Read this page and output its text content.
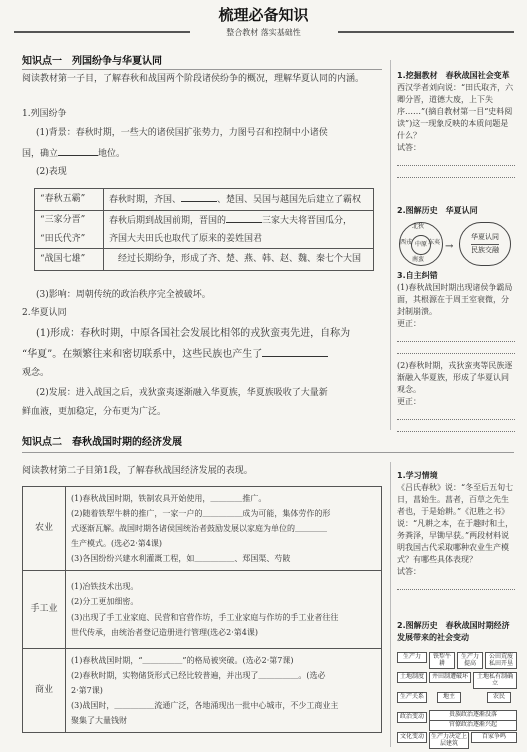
梳理必备知识
整合教材 落实基础性
知识点一　列国纷争与华夏认同
阅读教材第一子目，了解春秋和战国两个阶段诸侯纷争的概况，理解华夏认同的内涵。
1.列国纷争
(1)背景：春秋时期，一些大的诸侯国扩张势力，力图号召和控制中小诸侯
国，确立	地位。
(2)表现
“春秋五霸”	春秋时期，齐国、 、楚国、吴国与越国先后建立了霸权
“三家分晋”	春秋后期到战国前期，晋国的 三家大夫将晋国瓜分，
“田氏代齐”	齐国大夫田氏也取代了原来的姜姓国君
“战国七雄”	经过长期纷争，形成了齐、楚、燕、韩、赵、魏、秦七个大国
(3)影响：周朝传统的政治秩序完全被破坏。
2.华夏认同
(1)形成：春秋时期，中原各国社会发展比相邻的戎狄蛮夷先进，自称为
“华夏”。在频繁往来和密切联系中，这些民族也产生了
观念。
(2)发展：进入战国之后，戎狄蛮夷逐渐融入华夏族，华夏族吸收了大量新
鲜血液，更加稳定，分布更为广泛。
知识点二　春秋战国时期的经济发展
阅读教材第二子目第1段，了解春秋战国经济发展的表现。
农业	(1)春秋战国时期，铁制农具开始使用，＿＿＿＿推广。
(2)随着铁犁牛耕的推广，一家一户的＿＿＿＿＿成为可能，集体劳作的形
式逐渐瓦解。战国时期各诸侯国统治者鼓励发展以家庭为单位的＿＿＿＿
生产模式。(选必2·第4课)
(3)各国纷纷兴建水利灌溉工程，如＿＿＿＿＿、郑国渠、芍陂

手工业	(1)冶铁技术出现。
(2)分工更加细密。
(3)出现了手工业家庭、民营和官营作坊，手工业家庭与作坊的手工业者往往
世代传承，由统治者登记造册进行管理(选必2·第4课)

商业	(1)春秋战国时期，“＿＿＿＿＿”的格局被突破。(选必2·第7课)
(2)春秋时期，实物储货形式已经比较普遍，并出现了＿＿＿＿＿。(选必
2·第7课)
(3)战国时，＿＿＿＿＿流通广泛，各地涌现出一批中心城市，不少工商业主
聚集了大量钱财
1.挖掘教材　春秋战国社会变革
西汉学者刘向说：“田氏取齐，六卿分晋，道德大废，上下失序……”(摘自教材第一目“史料阅读”)这一现象反映的本质问题是什么？
试答：
2.图解历史　华夏认同
北狄
南蛮
西戎	东夷
中原	→
华夏认同
民族交融
3.自主纠错
(1)春秋战国时期出现诸侯争霸局面，其根源在于周王室衰微，分封制崩溃。
更正：
(2)春秋时期，戎狄蛮夷等民族逐渐融入华夏族，形成了华夏认同观念。
更正：
1.学习情境
《吕氏春秋》说：“冬至后五旬七日，菖始生。菖者，百草之先生者也，于是始耕。”《氾胜之书》说：“凡耕之本，在于趣时和土，务粪泽，早锄早获。”两段材料说明我国古代采取哪种农业生产模式？有哪些具体表现？
试答：
2.图解历史　春秋战国时期经济发展带来的社会变动
生产力	铁犁牛耕
生产力提高
公田荒废私田开垦
土地制度	井田制遭破坏	土地私有制确立
生产关系	地主	农民
政治变动	贵族政治逐渐没落
官僚政治逐渐兴起
文化变动	生产力决定上层建筑
百家争鸣
